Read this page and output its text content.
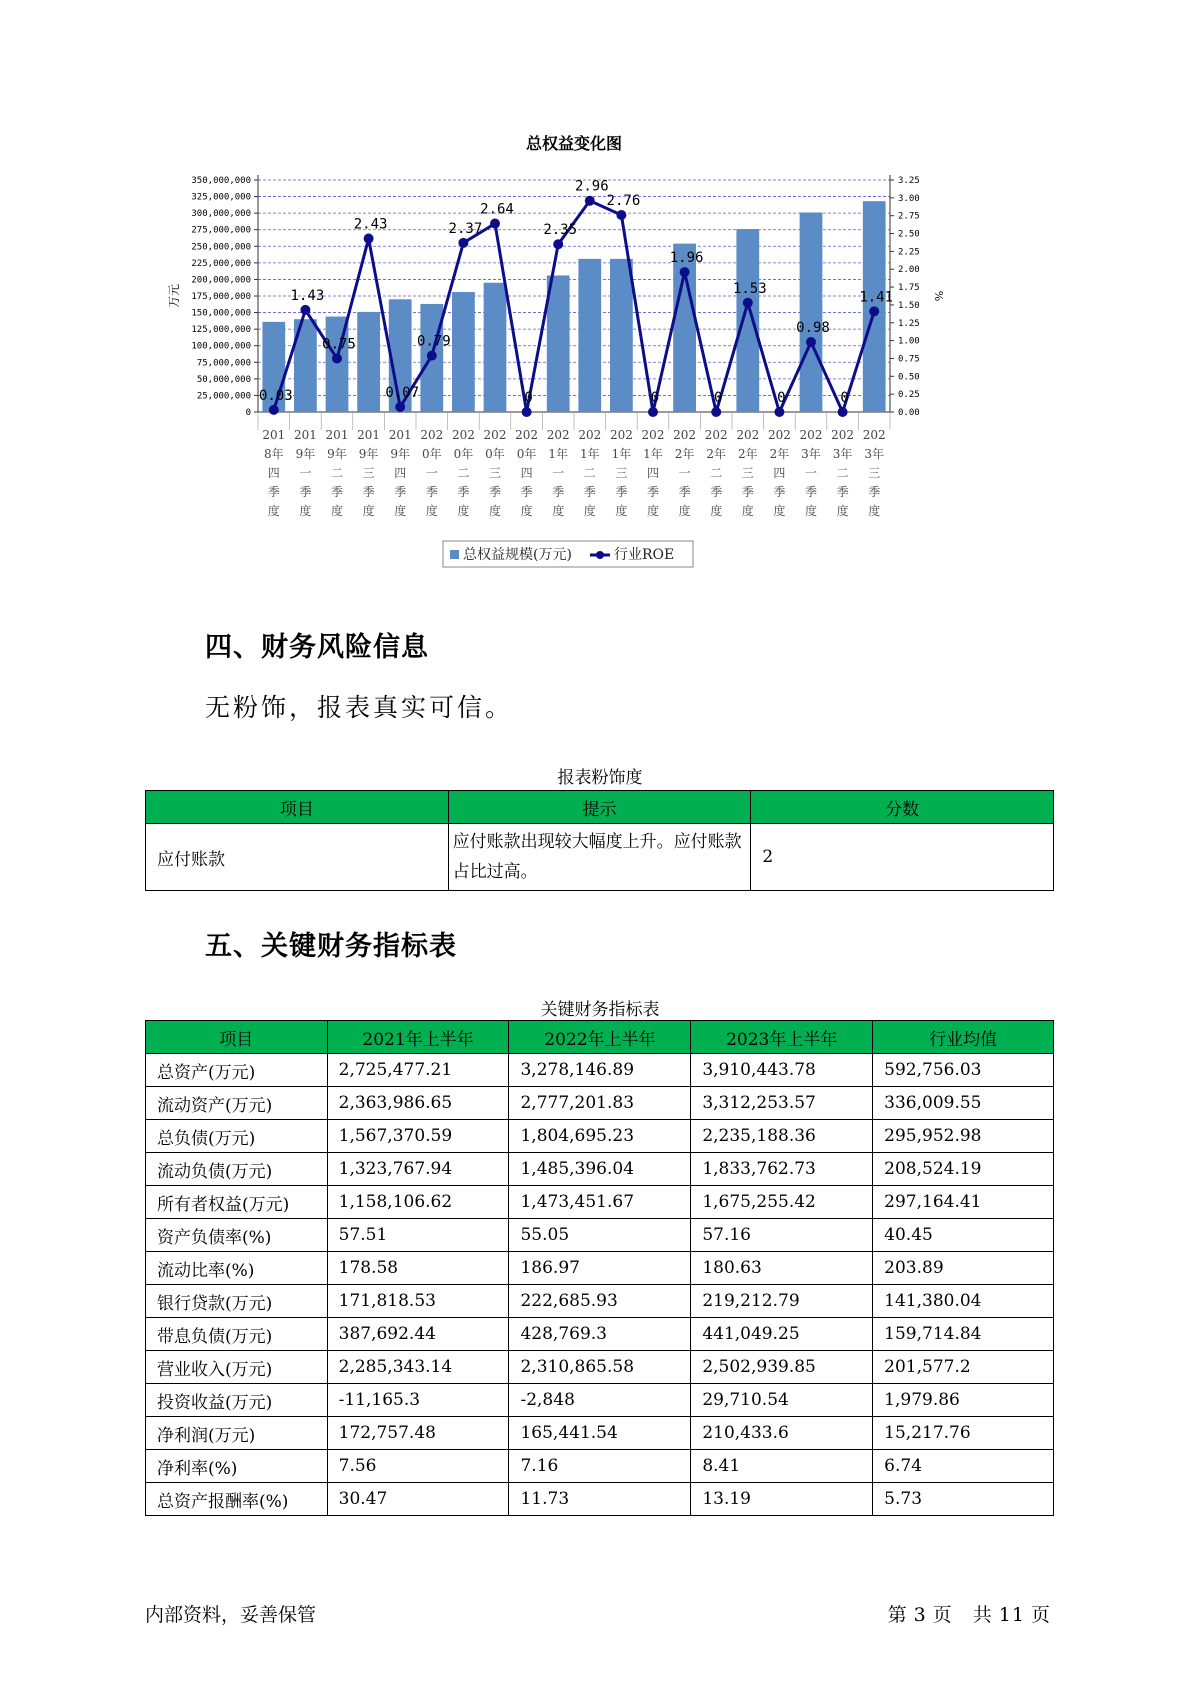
总权益变化图
0
25,000,000
50,000,000
75,000,000
100,000,000
125,000,000
150,000,000
175,000,000
200,000,000
225,000,000
250,000,000
275,000,000
300,000,000
325,000,000
350,000,000
0.00
0.25
0.50
0.75
1.00
1.25
1.50
1.75
2.00
2.25
2.50
2.75
3.00
3.25
万元	%
0.03
1.43
0.75
2.43
0.07
0.79
2.37
2.64
0
2.35
2.96
2.76
0
1.96
0
1.53
0
0.98
0
1.41
201
8年
四
季
度
201
9年
一
季
度
201
9年
二
季
度
201
9年
三
季
度
201
9年
四
季
度
202
0年
一
季
度
202
0年
二
季
度
202
0年
三
季
度
202
0年
四
季
度
202
1年
一
季
度
202
1年
二
季
度
202
1年
三
季
度
202
1年
四
季
度
202
2年
一
季
度
202
2年
二
季
度
202
2年
三
季
度
202
2年
四
季
度
202
3年
一
季
度
202
3年
二
季
度
202
3年
三
季
度
总权益规模(万元)	行业ROE
四、财务风险信息

无粉饰，报表真实可信。

报表粉饰度

项目	提示	分数
应付账款	应付账款出现较大幅度上升。应付账款占比过高。	2
五、关键财务指标表

关键财务指标表

项目	2021年上半年	2022年上半年	2023年上半年	行业均值
总资产(万元)	2,725,477.21	3,278,146.89	3,910,443.78	592,756.03
流动资产(万元)	2,363,986.65	2,777,201.83	3,312,253.57	336,009.55
总负债(万元)	1,567,370.59	1,804,695.23	2,235,188.36	295,952.98
流动负债(万元)	1,323,767.94	1,485,396.04	1,833,762.73	208,524.19
所有者权益(万元)	1,158,106.62	1,473,451.67	1,675,255.42	297,164.41
资产负债率(%)	57.51	55.05	57.16	40.45
流动比率(%)	178.58	186.97	180.63	203.89
银行贷款(万元)	171,818.53	222,685.93	219,212.79	141,380.04
带息负债(万元)	387,692.44	428,769.3	441,049.25	159,714.84
营业收入(万元)	2,285,343.14	2,310,865.58	2,502,939.85	201,577.2
投资收益(万元)	-11,165.3	-2,848	29,710.54	1,979.86
净利润(万元)	172,757.48	165,441.54	210,433.6	15,217.76
净利率(%)	7.56	7.16	8.41	6.74
总资产报酬率(%)	30.47	11.73	13.19	5.73

内部资料，妥善保管	第 3 页 共 11 页
